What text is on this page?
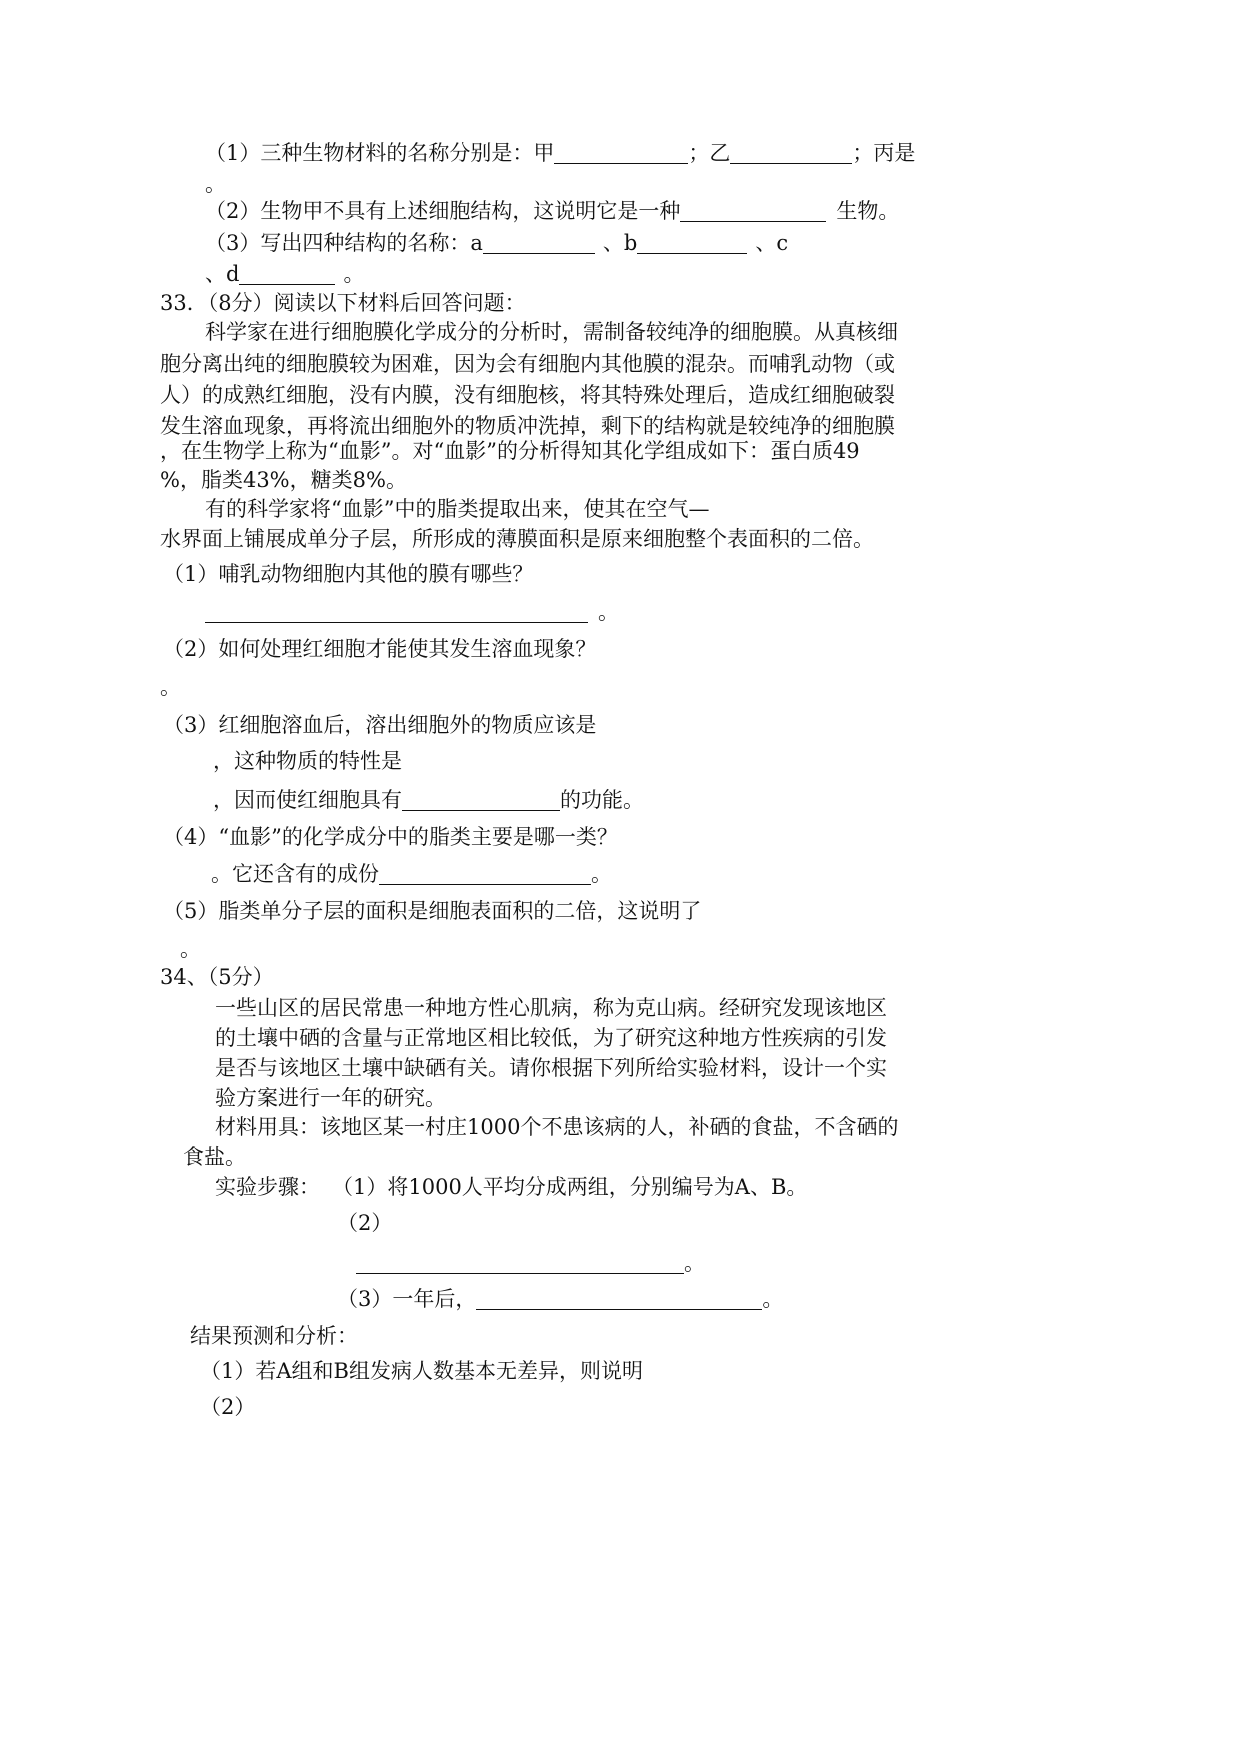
（1）三种生物材料的名称分别是：甲	；乙	；丙是
。
（2）生物甲不具有上述细胞结构，这说明它是一种	生物。
（3）写出四种结构的名称：a	、b	、c
、d	。
33．（8分）阅读以下材料后回答问题：
科学家在进行细胞膜化学成分的分析时，需制备较纯净的细胞膜。从真核细
胞分离出纯的细胞膜较为困难，因为会有细胞内其他膜的混杂。而哺乳动物（或
人）的成熟红细胞，没有内膜，没有细胞核，将其特殊处理后，造成红细胞破裂
发生溶血现象，再将流出细胞外的物质冲洗掉，剩下的结构就是较纯净的细胞膜
，在生物学上称为“血影”。对“血影”的分析得知其化学组成如下：蛋白质49
%，脂类43%，糖类8%。
有的科学家将“血影”中的脂类提取出来，使其在空气—
水界面上铺展成单分子层，所形成的薄膜面积是原来细胞整个表面积的二倍。
（1）哺乳动物细胞内其他的膜有哪些？
。
（2）如何处理红细胞才能使其发生溶血现象？
。
（3）红细胞溶血后，溶出细胞外的物质应该是
，这种物质的特性是
，因而使红细胞具有	的功能。
（4）“血影”的化学成分中的脂类主要是哪一类？
。它还含有的成份	。
（5）脂类单分子层的面积是细胞表面积的二倍，这说明了
。
34、（5分）
一些山区的居民常患一种地方性心肌病，称为克山病。经研究发现该地区
的土壤中硒的含量与正常地区相比较低，为了研究这种地方性疾病的引发
是否与该地区土壤中缺硒有关。请你根据下列所给实验材料，设计一个实
验方案进行一年的研究。
材料用具：该地区某一村庄1000个不患该病的人，补硒的食盐，不含硒的
食盐。
实验步骤： （1）将1000人平均分成两组，分别编号为A、B。
（2）
。
（3）一年后，	。
结果预测和分析：
（1）若A组和B组发病人数基本无差异，则说明
（2）
